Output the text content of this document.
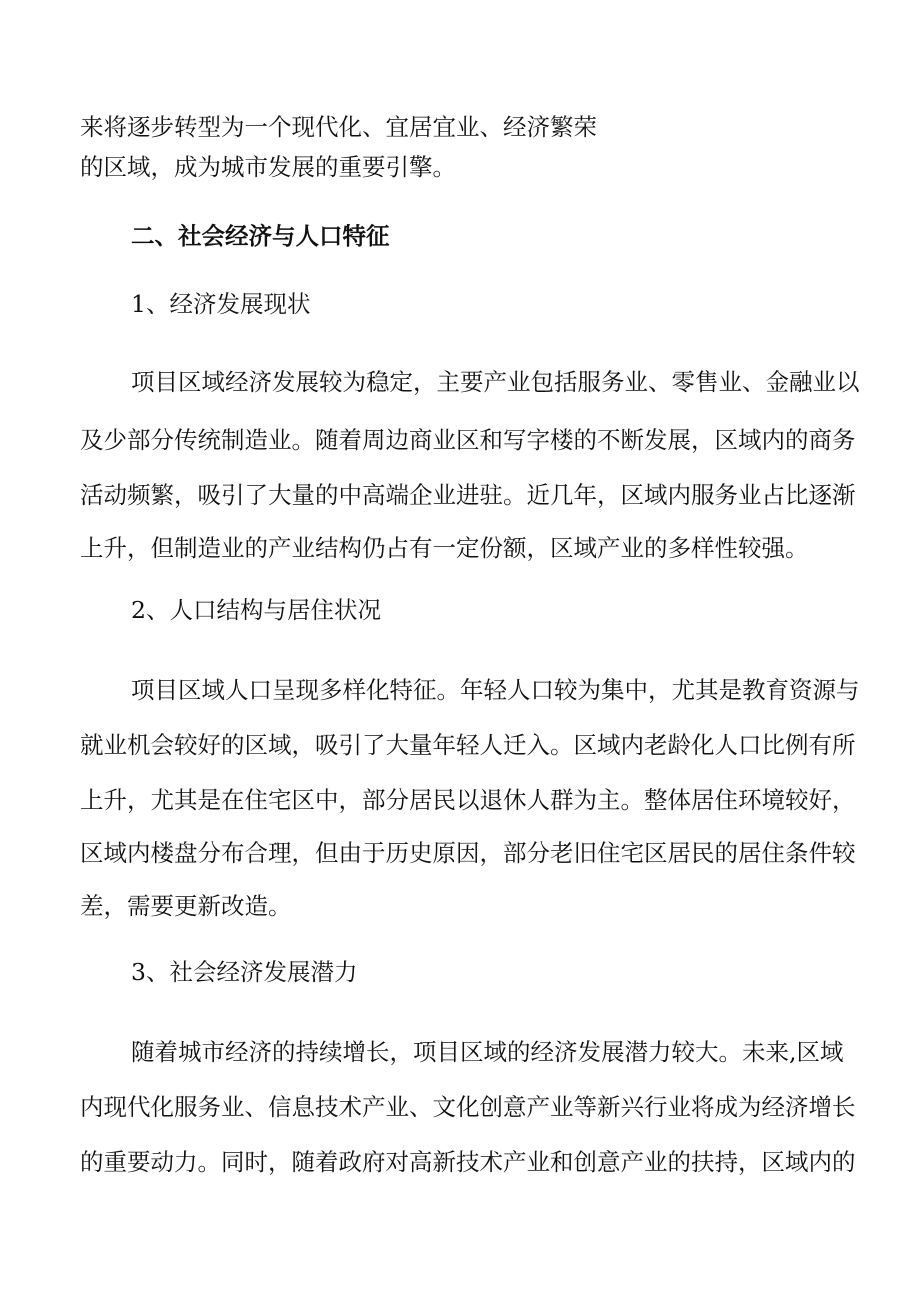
来将逐步转型为一个现代化、宜居宜业、经济繁荣
的区域，成为城市发展的重要引擎。
二、社会经济与人口特征
1、经济发展现状
项目区域经济发展较为稳定，主要产业包括服务业、零售业、金融业以
及少部分传统制造业。随着周边商业区和写字楼的不断发展，区域内的商务
活动频繁，吸引了大量的中高端企业进驻。近几年，区域内服务业占比逐渐
上升，但制造业的产业结构仍占有一定份额，区域产业的多样性较强。
2、人口结构与居住状况
项目区域人口呈现多样化特征。年轻人口较为集中，尤其是教育资源与
就业机会较好的区域，吸引了大量年轻人迁入。区域内老龄化人口比例有所
上升，尤其是在住宅区中，部分居民以退休人群为主。整体居住环境较好，
区域内楼盘分布合理，但由于历史原因，部分老旧住宅区居民的居住条件较
差，需要更新改造。
3、社会经济发展潜力
随着城市经济的持续增长，项目区域的经济发展潜力较大。未来,区域
内现代化服务业、信息技术产业、文化创意产业等新兴行业将成为经济增长
的重要动力。同时，随着政府对高新技术产业和创意产业的扶持，区域内的
